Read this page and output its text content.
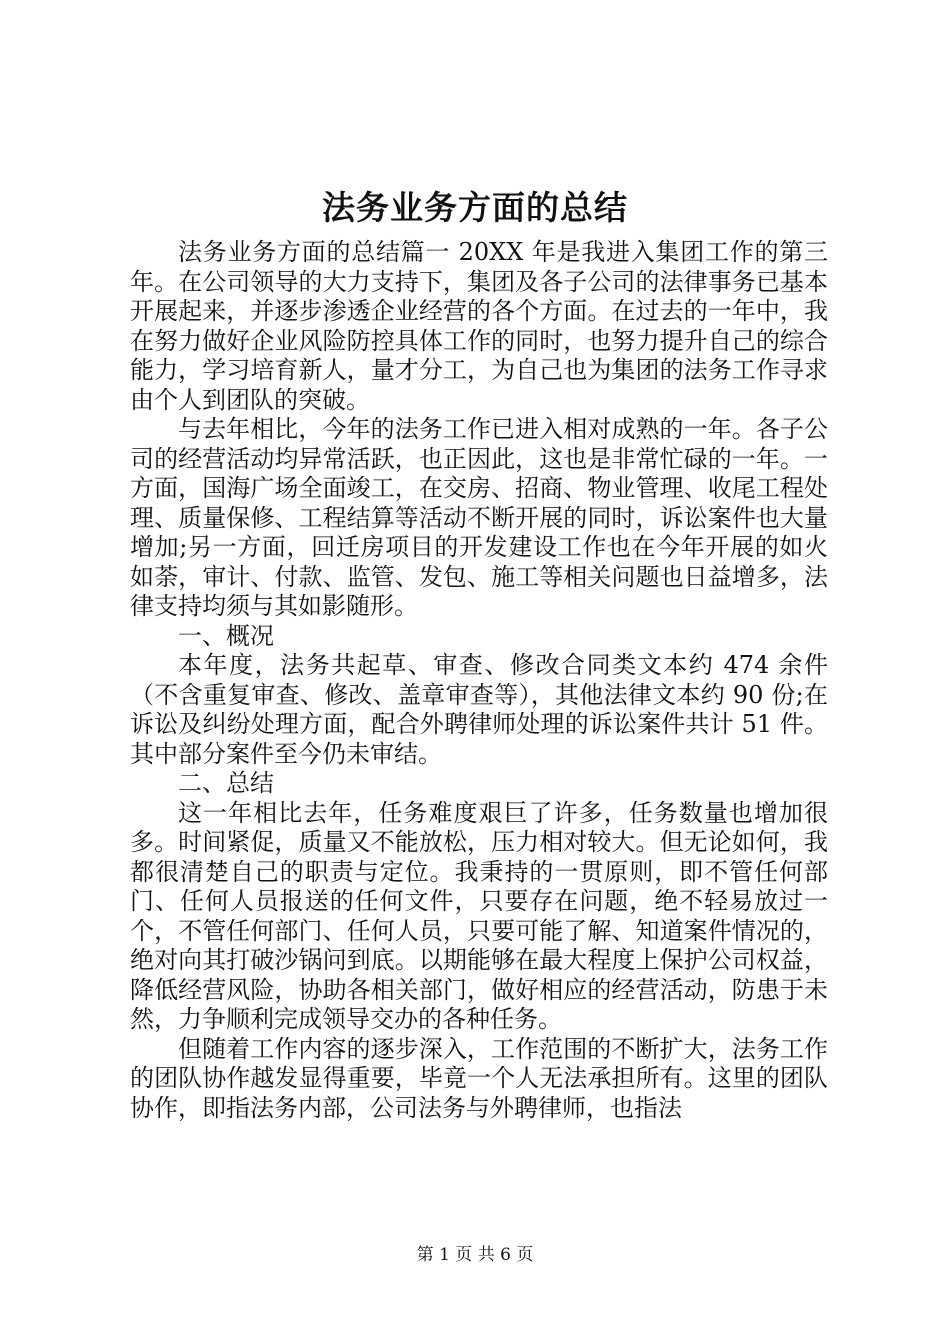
法务业务方面的总结

法务业务方面的总结篇一 20XX 年是我进入集团工作的第三年。在公司领导的大力支持下，集团及各子公司的法律事务已基本开展起来，并逐步渗透企业经营的各个方面。在过去的一年中，我在努力做好企业风险防控具体工作的同时，也努力提升自己的综合能力，学习培育新人，量才分工，为自己也为集团的法务工作寻求由个人到团队的突破。

与去年相比，今年的法务工作已进入相对成熟的一年。各子公司的经营活动均异常活跃，也正因此，这也是非常忙碌的一年。一方面，国海广场全面竣工，在交房、招商、物业管理、收尾工程处理、质量保修、工程结算等活动不断开展的同时，诉讼案件也大量增加;另一方面，回迁房项目的开发建设工作也在今年开展的如火如荼，审计、付款、监管、发包、施工等相关问题也日益增多，法律支持均须与其如影随形。

一、概况

本年度，法务共起草、审查、修改合同类文本约 474 余件（不含重复审查、修改、盖章审查等），其他法律文本约 90 份;在诉讼及纠纷处理方面，配合外聘律师处理的诉讼案件共计 51 件。其中部分案件至今仍未审结。

二、总结

这一年相比去年，任务难度艰巨了许多，任务数量也增加很多。时间紧促，质量又不能放松，压力相对较大。但无论如何，我都很清楚自己的职责与定位。我秉持的一贯原则，即不管任何部门、任何人员报送的任何文件，只要存在问题，绝不轻易放过一个，不管任何部门、任何人员，只要可能了解、知道案件情况的，绝对向其打破沙锅问到底。以期能够在最大程度上保护公司权益，降低经营风险，协助各相关部门，做好相应的经营活动，防患于未然，力争顺利完成领导交办的各种任务。

但随着工作内容的逐步深入，工作范围的不断扩大，法务工作的团队协作越发显得重要，毕竟一个人无法承担所有。这里的团队协作，即指法务内部，公司法务与外聘律师，也指法

第 1 页 共 6 页
